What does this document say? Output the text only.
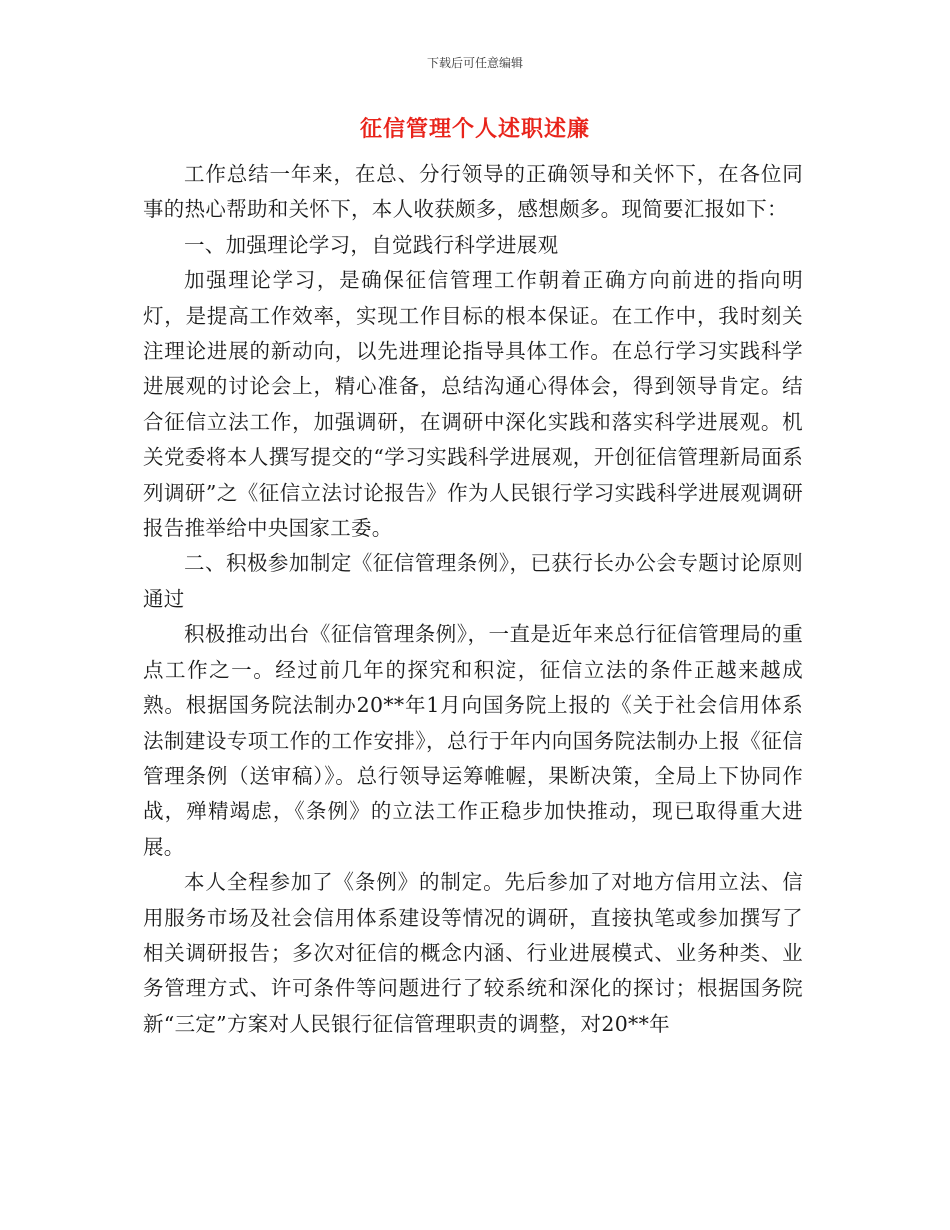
下载后可任意编辑
征信管理个人述职述廉

工作总结一年来，在总、分行领导的正确领导和关怀下，在各位同事的热心帮助和关怀下，本人收获颇多，感想颇多。现简要汇报如下：

一、加强理论学习，自觉践行科学进展观

加强理论学习，是确保征信管理工作朝着正确方向前进的指向明灯，是提高工作效率，实现工作目标的根本保证。在工作中，我时刻关注理论进展的新动向，以先进理论指导具体工作。在总行学习实践科学进展观的讨论会上，精心准备，总结沟通心得体会，得到领导肯定。结合征信立法工作，加强调研，在调研中深化实践和落实科学进展观。机关党委将本人撰写提交的“学习实践科学进展观，开创征信管理新局面系列调研”之《征信立法讨论报告》作为人民银行学习实践科学进展观调研报告推举给中央国家工委。

二、积极参加制定《征信管理条例》，已获行长办公会专题讨论原则通过

积极推动出台《征信管理条例》，一直是近年来总行征信管理局的重点工作之一。经过前几年的探究和积淀，征信立法的条件正越来越成熟。根据国务院法制办20**年1月向国务院上报的《关于社会信用体系法制建设专项工作的工作安排》，总行于年内向国务院法制办上报《征信管理条例（送审稿）》。总行领导运筹帷幄，果断决策，全局上下协同作战，殚精竭虑，《条例》的立法工作正稳步加快推动，现已取得重大进展。

本人全程参加了《条例》的制定。先后参加了对地方信用立法、信用服务市场及社会信用体系建设等情况的调研，直接执笔或参加撰写了相关调研报告；多次对征信的概念内涵、行业进展模式、业务种类、业务管理方式、许可条件等问题进行了较系统和深化的探讨；根据国务院新“三定”方案对人民银行征信管理职责的调整，对20**年
